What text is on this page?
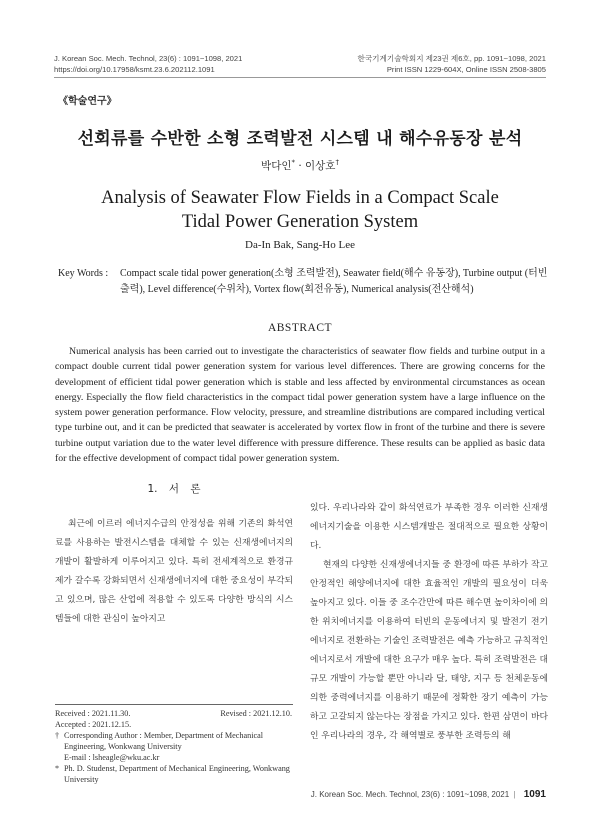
J. Korean Soc. Mech. Technol, 23(6) : 1091~1098, 2021
https://doi.org/10.17958/ksmt.23.6.202112.1091
한국기계기술학회지 제23권 제6호, pp. 1091~1098, 2021
Print ISSN 1229-604X, Online ISSN 2508-3805
《학술연구》
선회류를 수반한 소형 조력발전 시스템 내 해수유동장 분석
박다인* · 이상호†
Analysis of Seawater Flow Fields in a Compact Scale
Tidal Power Generation System
Da-In Bak, Sang-Ho Lee
Key Words : Compact scale tidal power generation(소형 조력발전), Seawater field(해수 유동장), Turbine output (터빈 출력), Level difference(수위차), Vortex flow(회전유동), Numerical analysis(전산해석)
ABSTRACT

Numerical analysis has been carried out to investigate the characteristics of seawater flow fields and turbine output in a compact double current tidal power generation system for various level differences. There are growing concerns for the development of efficient tidal power generation which is stable and less affected by environmental circumstances as ocean energy. Especially the flow field characteristics in the compact tidal power generation system have a large influence on the system power generation performance. Flow velocity, pressure, and streamline distributions are compared including vertical type turbine out, and it can be predicted that seawater is accelerated by vortex flow in front of the turbine and there is severe turbine output variation due to the water level difference with pressure difference. These results can be applied as basic data for the effective development of compact tidal power generation system.

1. 서 론

최근에 이르러 에너지수급의 안정성을 위해 기존의 화석연료를 사용하는 발전시스템을 대체할 수 있는 신재생에너지의 개발이 활발하게 이루어지고 있다. 특히 전세계적으로 환경규제가 갈수록 강화되면서 신재생에너지에 대한 중요성이 부각되고 있으며, 많은 산업에 적용할 수 있도록 다양한 방식의 시스템들에 대한 관심이 높아지고

있다. 우리나라와 같이 화석연료가 부족한 경우 이러한 신재생에너지기술을 이용한 시스템개발은 절대적으로 필요한 상황이다.

현재의 다양한 신재생에너지들 중 환경에 따른 부하가 작고 안정적인 해양에너지에 대한 효율적인 개발의 필요성이 더욱 높아지고 있다. 이들 중 조수간만에 따른 해수면 높이차이에 의한 위치에너지를 이용하여 터빈의 운동에너지 및 발전기 전기에너지로 전환하는 기술인 조력발전은 예측 가능하고 규칙적인 에너지로서 개발에 대한 요구가 매우 높다. 특히 조력발전은 대규모 개발이 가능할 뿐만 아니라 달, 태양, 지구 등 천체운동에 의한 중력에너지를 이용하기 때문에 정확한 장기 예측이 가능하고 고갈되지 않는다는 장점을 가지고 있다. 한편 삼면이 바다인 우리나라의 경우, 각 해역별로 풍부한 조력등의 해

Received : 2021.11.30.	Revised : 2021.12.10.
Accepted : 2021.12.15.
† Corresponding Author : Member, Department of Mechanical Engineering, Wonkwang University
E-mail : lsheagle@wku.ac.kr
* Ph. D. Studenst, Department of Mechanical Engineering, Wonkwang University
J. Korean Soc. Mech. Technol, 23(6) : 1091~1098, 2021 | 1091
